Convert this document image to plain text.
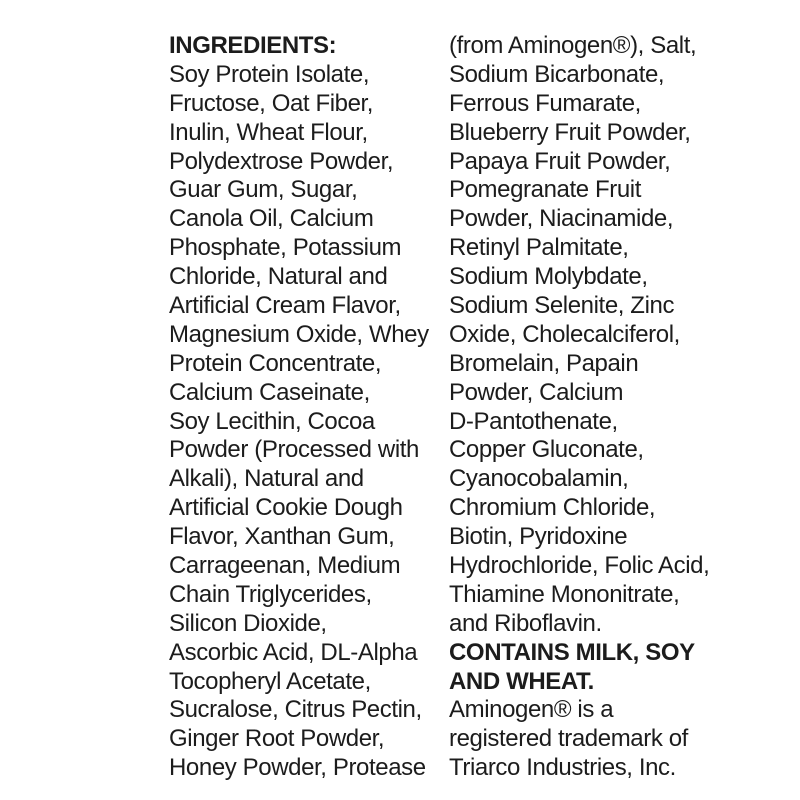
INGREDIENTS:
Soy Protein Isolate,
Fructose, Oat Fiber,
Inulin, Wheat Flour,
Polydextrose Powder,
Guar Gum, Sugar,
Canola Oil, Calcium
Phosphate, Potassium
Chloride, Natural and
Artificial Cream Flavor,
Magnesium Oxide, Whey
Protein Concentrate,
Calcium Caseinate,
Soy Lecithin, Cocoa
Powder (Processed with
Alkali), Natural and
Artificial Cookie Dough
Flavor, Xanthan Gum,
Carrageenan, Medium
Chain Triglycerides,
Silicon Dioxide,
Ascorbic Acid, DL-Alpha
Tocopheryl Acetate,
Sucralose, Citrus Pectin,
Ginger Root Powder,
Honey Powder, Protease
(from Aminogen®), Salt,
Sodium Bicarbonate,
Ferrous Fumarate,
Blueberry Fruit Powder,
Papaya Fruit Powder,
Pomegranate Fruit
Powder, Niacinamide,
Retinyl Palmitate,
Sodium Molybdate,
Sodium Selenite, Zinc
Oxide, Cholecalciferol,
Bromelain, Papain
Powder, Calcium
D-Pantothenate,
Copper Gluconate,
Cyanocobalamin,
Chromium Chloride,
Biotin, Pyridoxine
Hydrochloride, Folic Acid,
Thiamine Mononitrate,
and Riboflavin.
CONTAINS MILK, SOY
AND WHEAT.
Aminogen® is a
registered trademark of
Triarco Industries, Inc.
